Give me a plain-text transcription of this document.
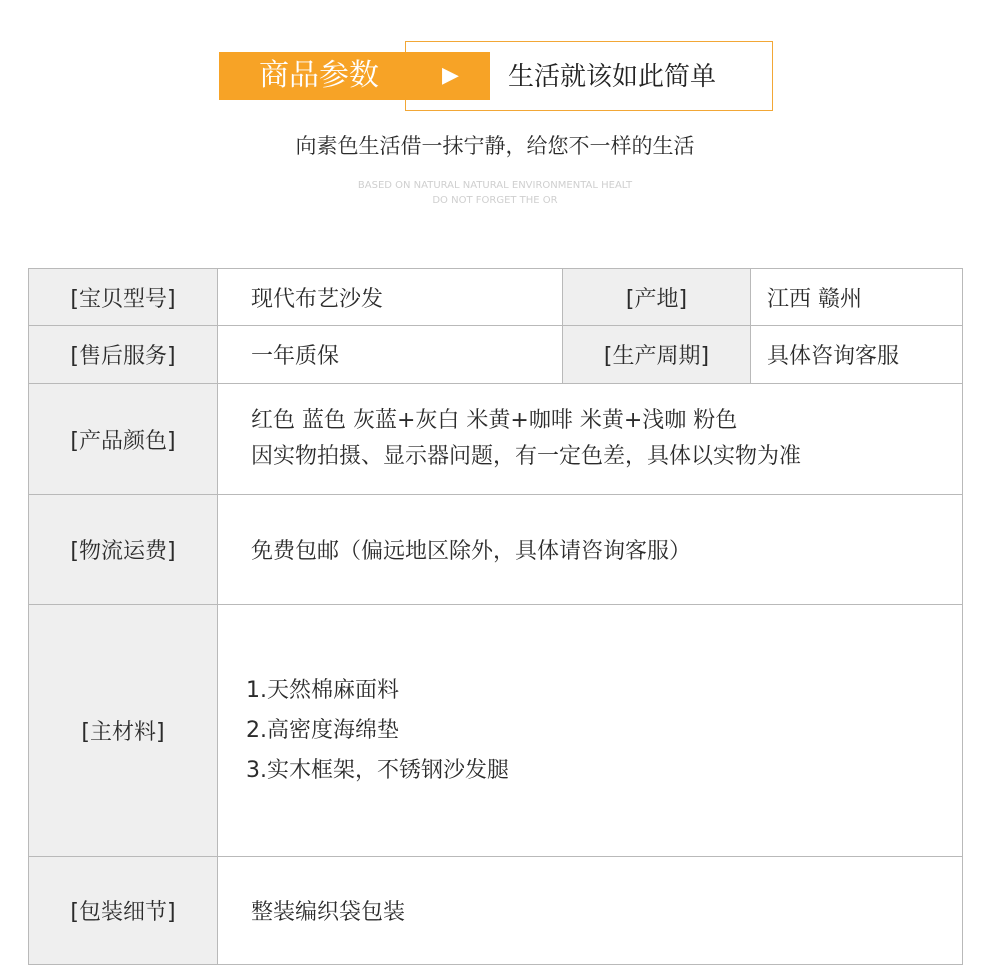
商品参数	生活就该如此简单
▶
向素色生活借一抹宁静，给您不一样的生活
BASED ON NATURAL NATURAL ENVIRONMENTAL HEALT
DO NOT FORGET THE OR
[宝贝型号]	现代布艺沙发	[产地]	江西 赣州
[售后服务]	一年质保	[生产周期]	具体咨询客服
[产品颜色]	红色 蓝色 灰蓝+灰白 米黄+咖啡 米黄+浅咖 粉色
因实物拍摄、显示器问题，有一定色差，具体以实物为准		

[物流运费]	免费包邮（偏远地区除外，具体请咨询客服）		
[主材料]	1.天然棉麻面料
2.高密度海绵垫
3.实木框架，不锈钢沙发腿		

[包装细节]	整装编织袋包装		
